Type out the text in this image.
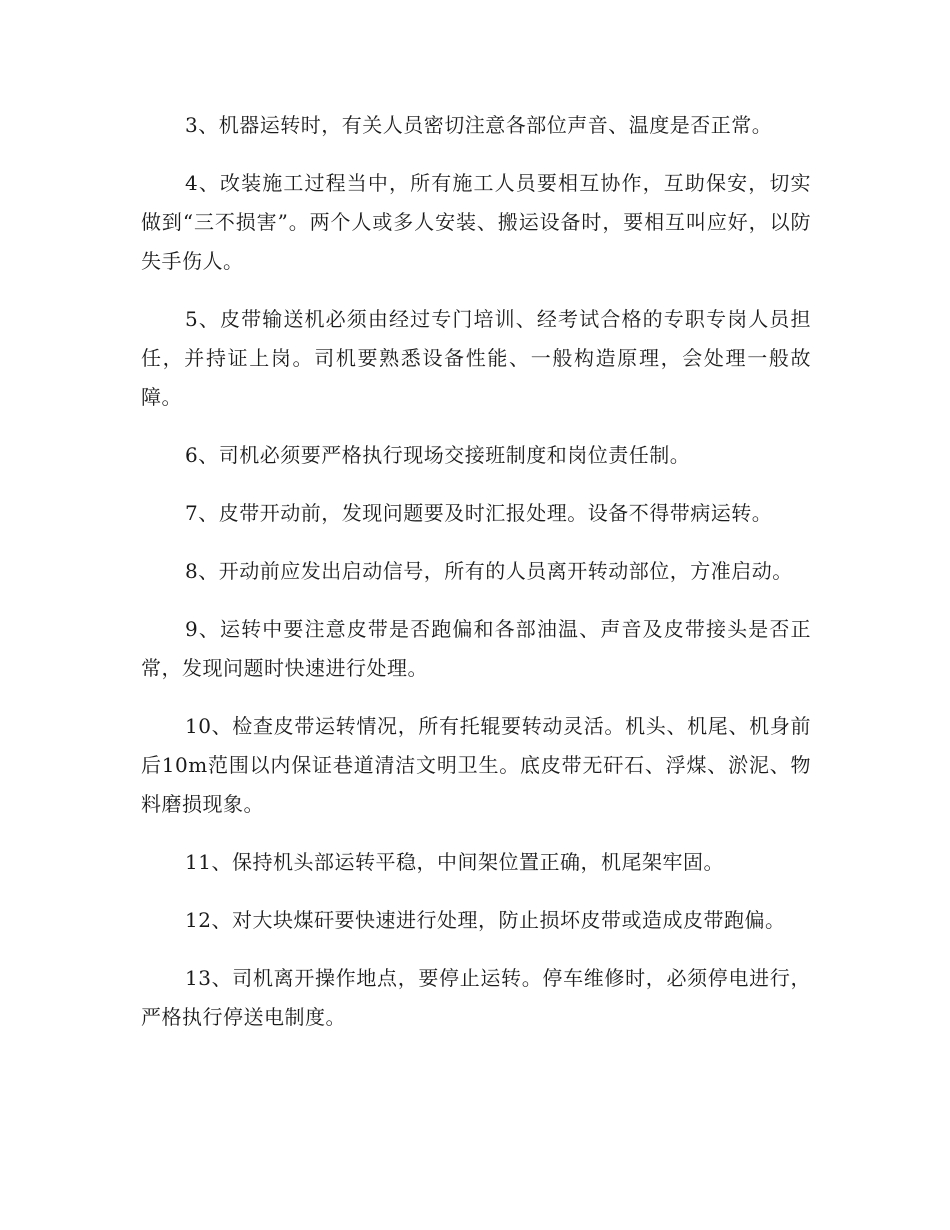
3、机器运转时，有关人员密切注意各部位声音、温度是否正常。

4、改装施工过程当中，所有施工人员要相互协作，互助保安，切实做到“三不损害”。两个人或多人安装、搬运设备时，要相互叫应好，以防失手伤人。

5、皮带输送机必须由经过专门培训、经考试合格的专职专岗人员担任，并持证上岗。司机要熟悉设备性能、一般构造原理，会处理一般故障。

6、司机必须要严格执行现场交接班制度和岗位责任制。

7、皮带开动前，发现问题要及时汇报处理。设备不得带病运转。

8、开动前应发出启动信号，所有的人员离开转动部位，方准启动。

9、运转中要注意皮带是否跑偏和各部油温、声音及皮带接头是否正常，发现问题时快速进行处理。

10、检查皮带运转情况，所有托辊要转动灵活。机头、机尾、机身前后10m范围以内保证巷道清洁文明卫生。底皮带无矸石、浮煤、淤泥、物料磨损现象。

11、保持机头部运转平稳，中间架位置正确，机尾架牢固。

12、对大块煤矸要快速进行处理，防止损坏皮带或造成皮带跑偏。

13、司机离开操作地点，要停止运转。停车维修时，必须停电进行，严格执行停送电制度。
